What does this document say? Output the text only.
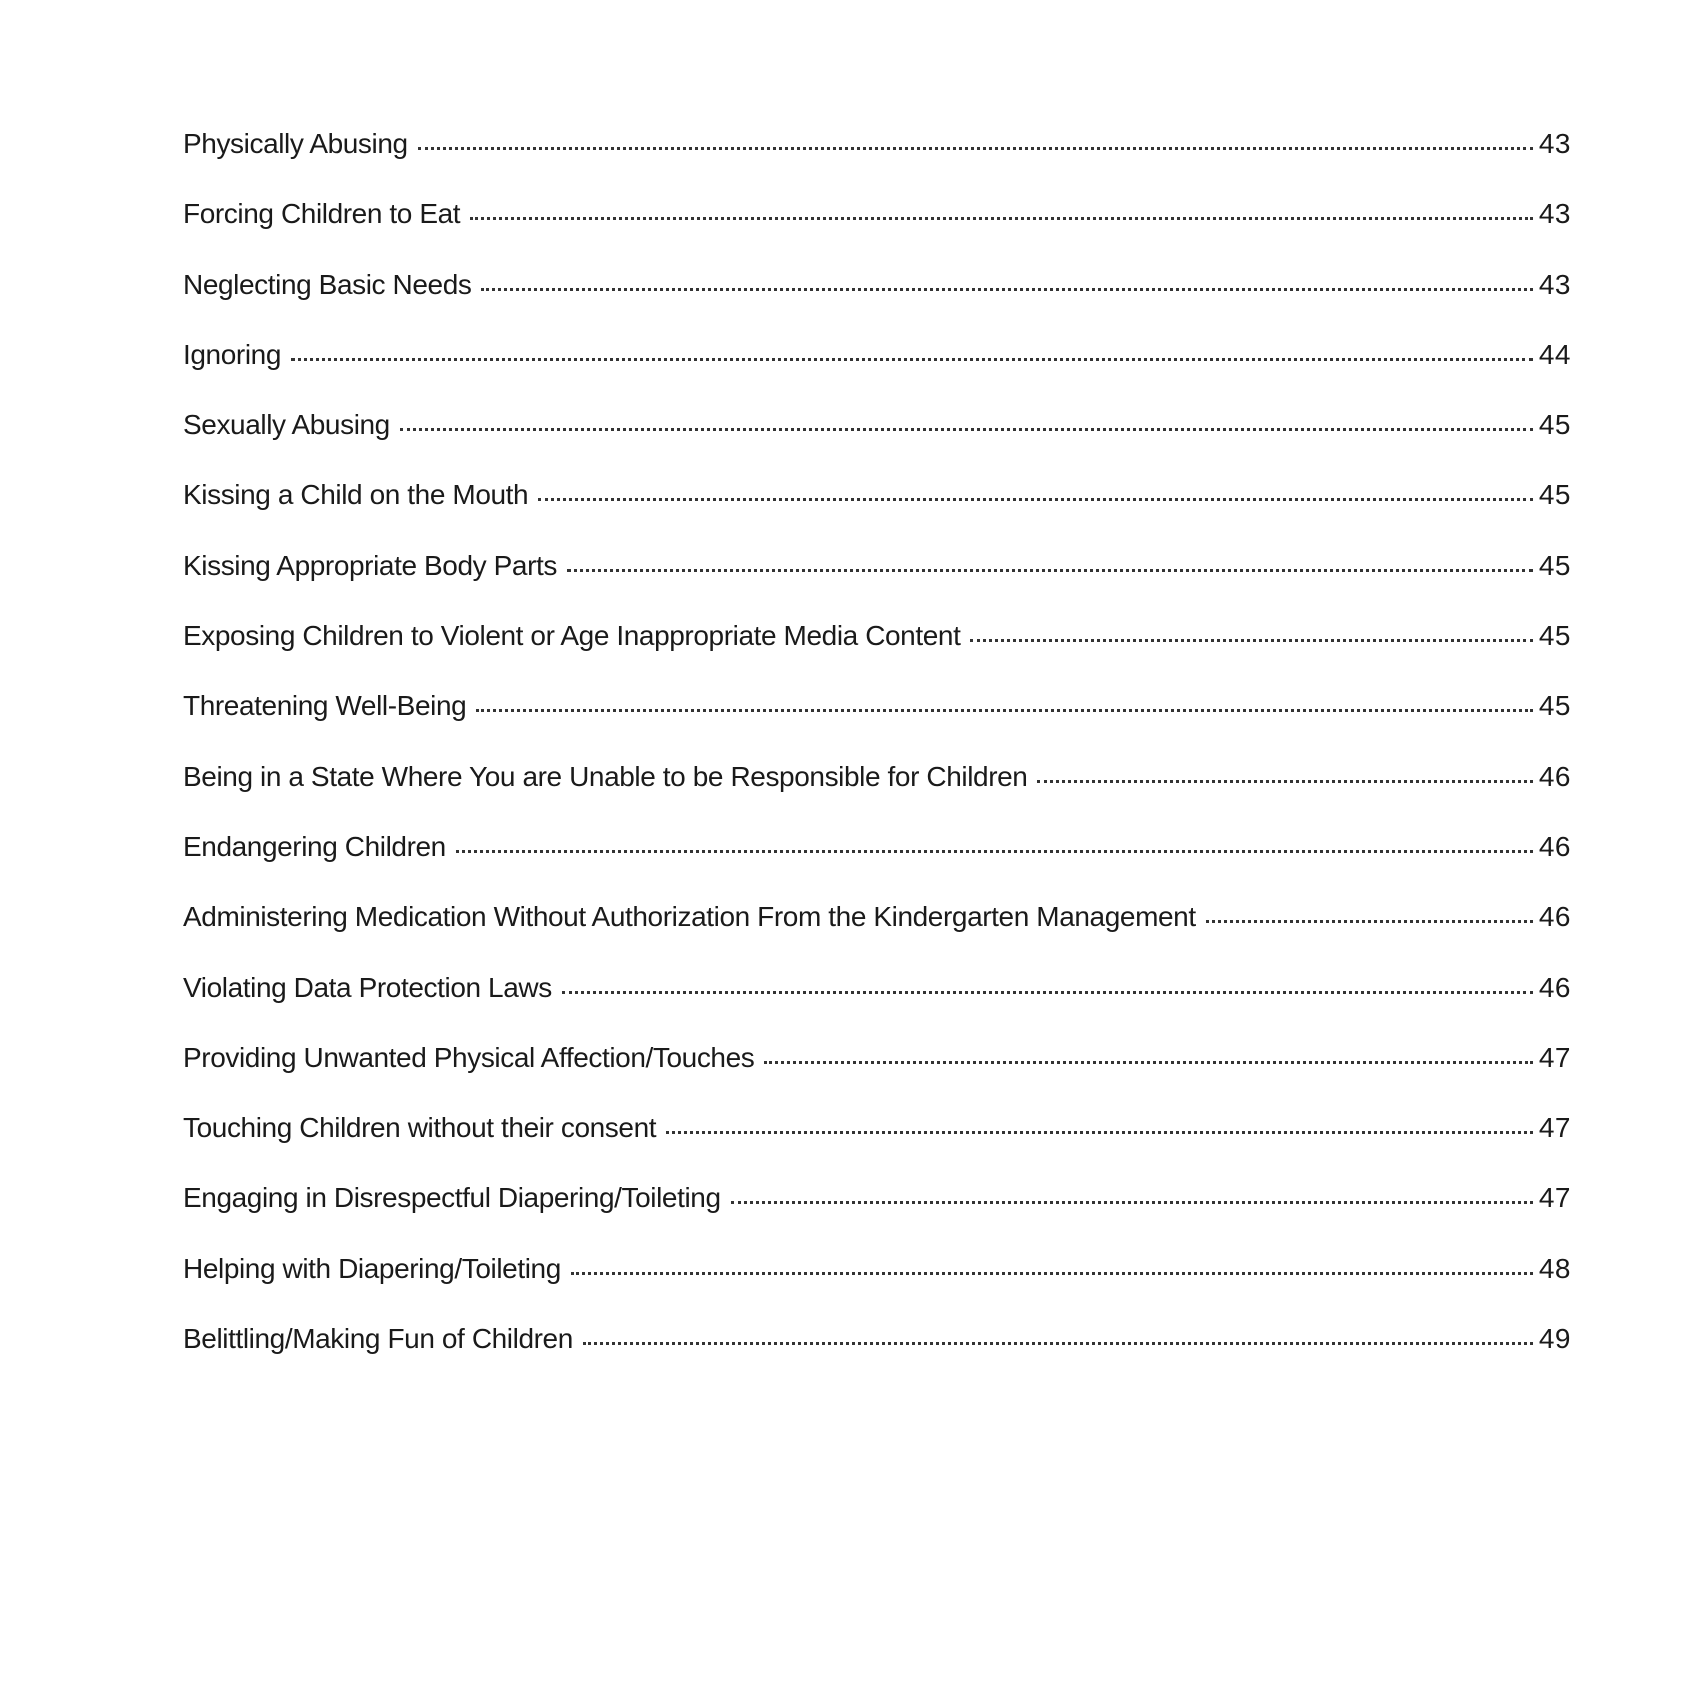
Physically Abusing	43
Forcing Children to Eat	43
Neglecting Basic Needs	43
Ignoring	44
Sexually Abusing	45
Kissing a Child on the Mouth	45
Kissing Appropriate Body Parts	45
Exposing Children to Violent or Age Inappropriate Media Content	45
Threatening Well-Being	45
Being in a State Where You are Unable to be Responsible for Children	46
Endangering Children	46
Administering Medication Without Authorization From the Kindergarten Management	46
Violating Data Protection Laws	46
Providing Unwanted Physical Affection/Touches	47
Touching Children without their consent	47
Engaging in Disrespectful Diapering/Toileting	47
Helping with Diapering/Toileting	48
Belittling/Making Fun of Children	49
